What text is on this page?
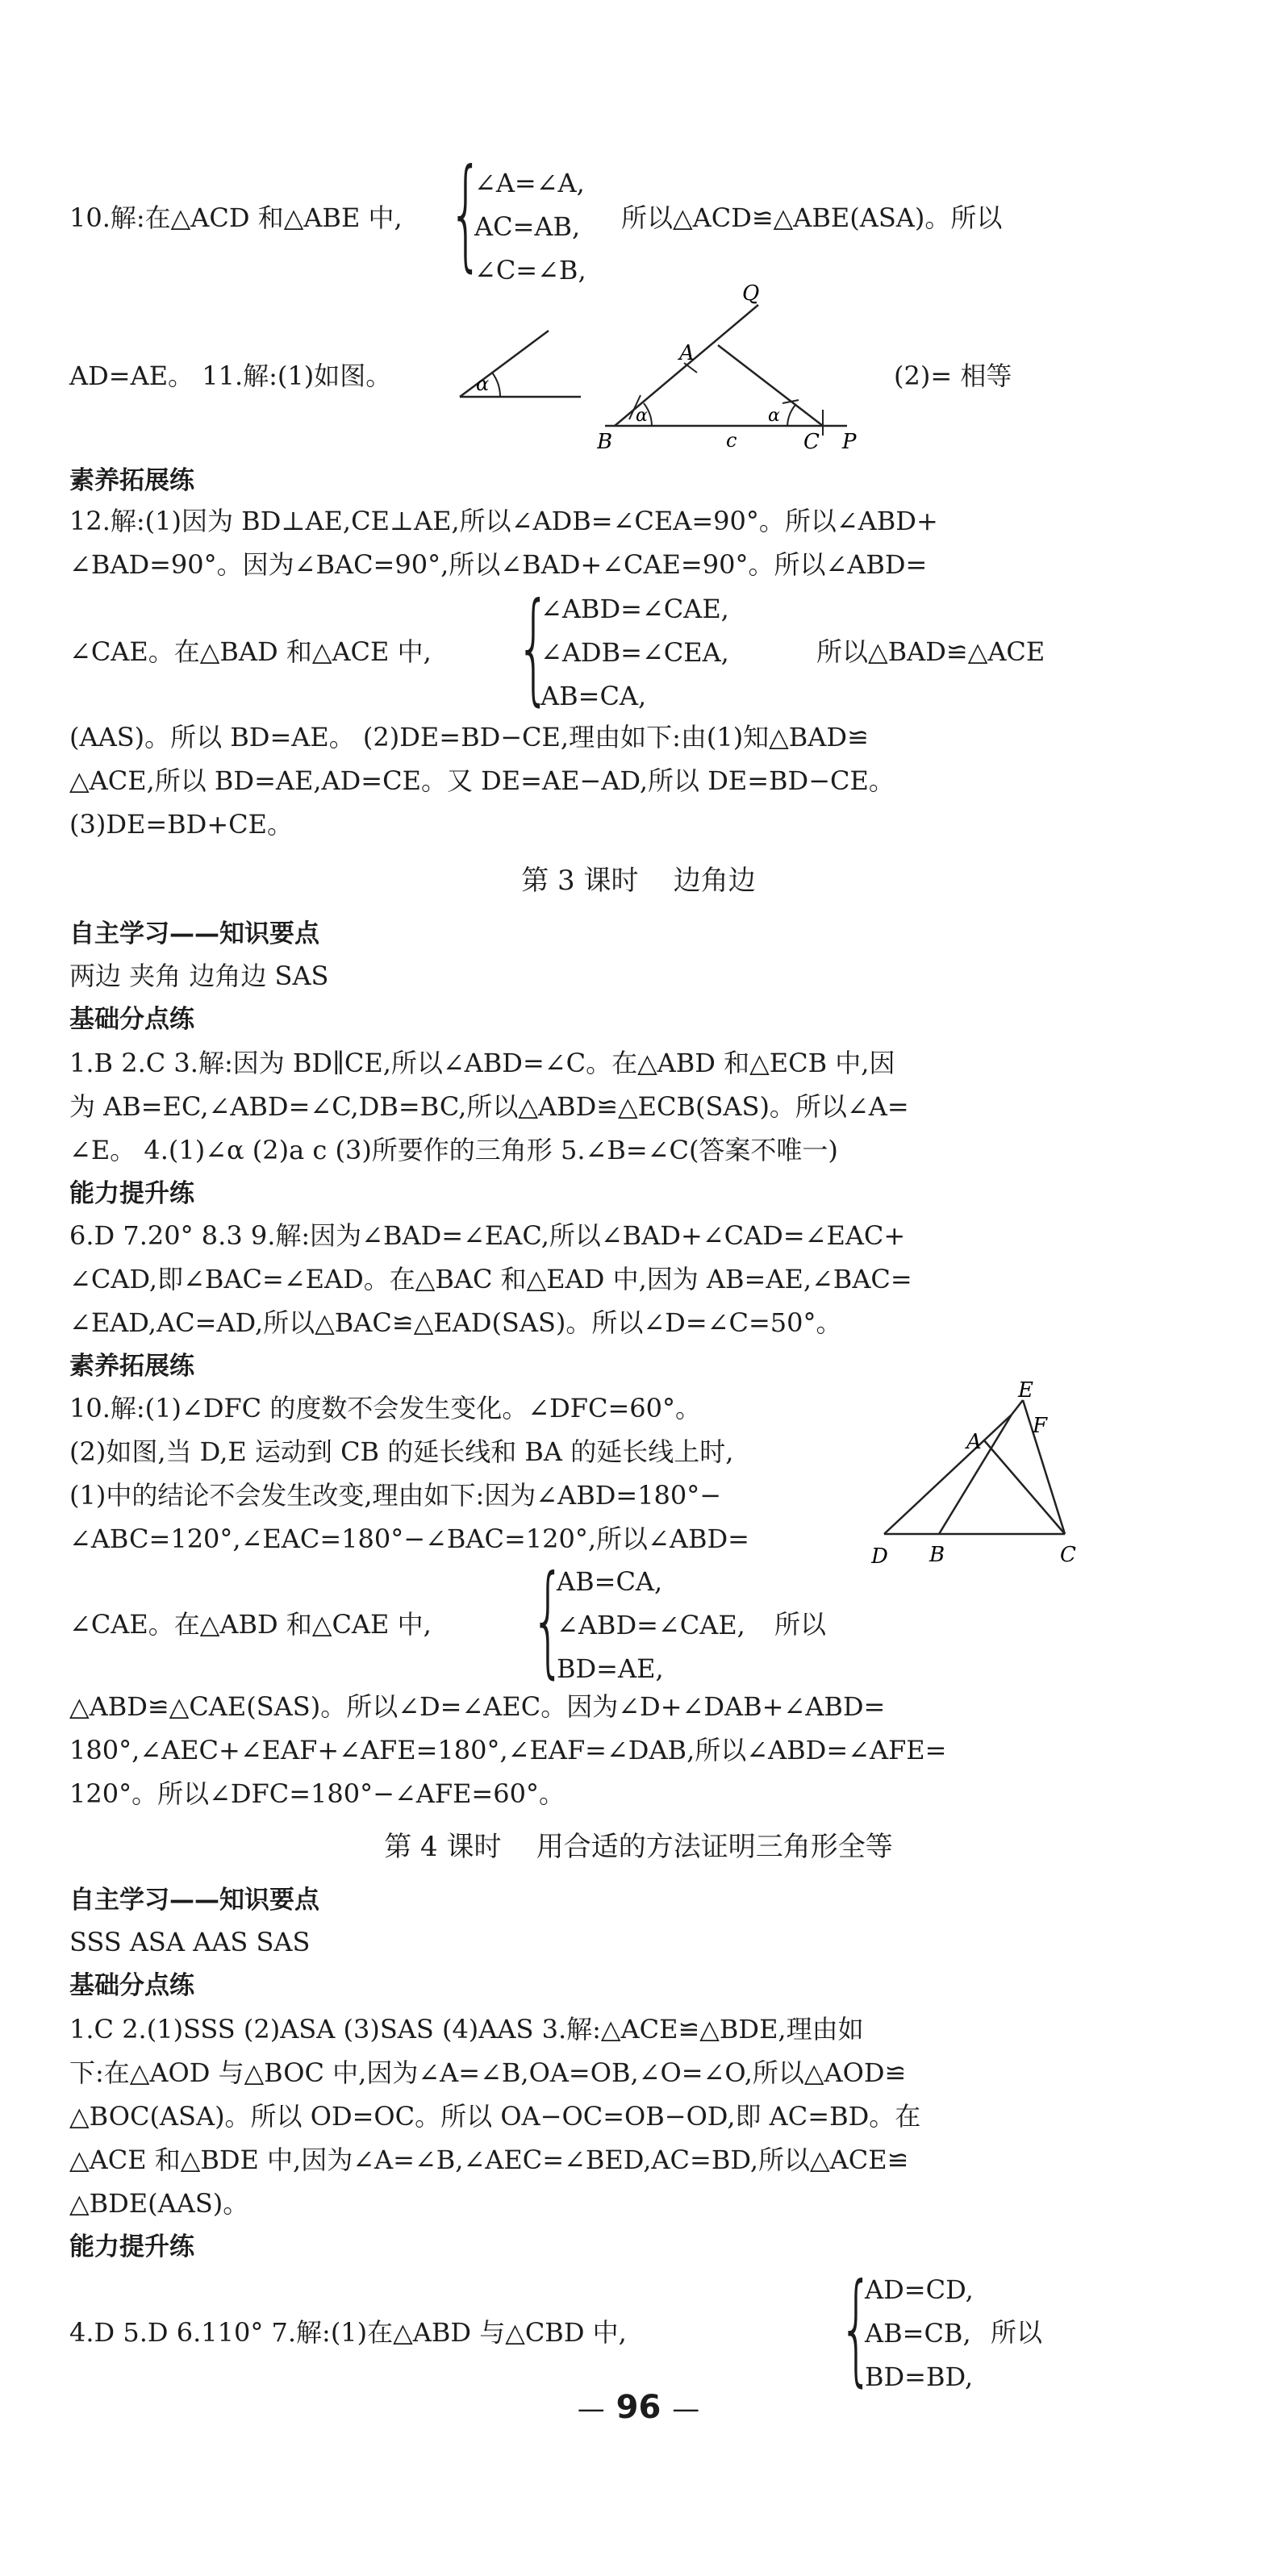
10.解:在△ACD 和△ABE 中, {
∠A=∠A,
AC=AB,
∠C=∠B,
所以△ACD≌△ABE(ASA)。所以
AD=AE。 11.解:(1)如图。	(2)= 相等
α
Q
A
B
α
c
α
C P
素养拓展练
12.解:(1)因为 BD⊥AE,CE⊥AE,所以∠ADB=∠CEA=90°。所以∠ABD+
∠BAD=90°。因为∠BAC=90°,所以∠BAD+∠CAE=90°。所以∠ABD=
∠CAE。在△BAD 和△ACE 中, {
∠ABD=∠CAE,
∠ADB=∠CEA,
AB=CA,
所以△BAD≌△ACE
(AAS)。所以 BD=AE。 (2)DE=BD−CE,理由如下:由(1)知△BAD≌
△ACE,所以 BD=AE,AD=CE。又 DE=AE−AD,所以 DE=BD−CE。
(3)DE=BD+CE。
第 3 课时    边角边
自主学习——知识要点
两边 夹角 边角边 SAS
基础分点练
1.B 2.C 3.解:因为 BD∥CE,所以∠ABD=∠C。在△ABD 和△ECB 中,因
为 AB=EC,∠ABD=∠C,DB=BC,所以△ABD≌△ECB(SAS)。所以∠A=
∠E。 4.(1)∠α (2)a c (3)所要作的三角形 5.∠B=∠C(答案不唯一)
能力提升练
6.D 7.20° 8.3 9.解:因为∠BAD=∠EAC,所以∠BAD+∠CAD=∠EAC+
∠CAD,即∠BAC=∠EAD。在△BAC 和△EAD 中,因为 AB=AE,∠BAC=
∠EAD,AC=AD,所以△BAC≌△EAD(SAS)。所以∠D=∠C=50°。
素养拓展练
10.解:(1)∠DFC 的度数不会发生变化。∠DFC=60°。
(2)如图,当 D,E 运动到 CB 的延长线和 BA 的延长线上时,
(1)中的结论不会发生改变,理由如下:因为∠ABD=180°−
∠ABC=120°,∠EAC=180°−∠BAC=120°,所以∠ABD=
∠CAE。在△ABD 和△CAE 中, {
AB=CA,
∠ABD=∠CAE,
BD=AE,
所以
△ABD≌△CAE(SAS)。所以∠D=∠AEC。因为∠D+∠DAB+∠ABD=
180°,∠AEC+∠EAF+∠AFE=180°,∠EAF=∠DAB,所以∠ABD=∠AFE=
120°。所以∠DFC=180°−∠AFE=60°。
E
F
A
D B	C
第 4 课时    用合适的方法证明三角形全等
自主学习——知识要点
SSS ASA AAS SAS
基础分点练
1.C 2.(1)SSS (2)ASA (3)SAS (4)AAS 3.解:△ACE≌△BDE,理由如
下:在△AOD 与△BOC 中,因为∠A=∠B,OA=OB,∠O=∠O,所以△AOD≌
△BOC(ASA)。所以 OD=OC。所以 OA−OC=OB−OD,即 AC=BD。在
△ACE 和△BDE 中,因为∠A=∠B,∠AEC=∠BED,AC=BD,所以△ACE≌
△BDE(AAS)。
能力提升练
4.D 5.D 6.110° 7.解:(1)在△ABD 与△CBD 中, {
AD=CD,
AB=CB,
BD=BD,
所以
— 96 —
